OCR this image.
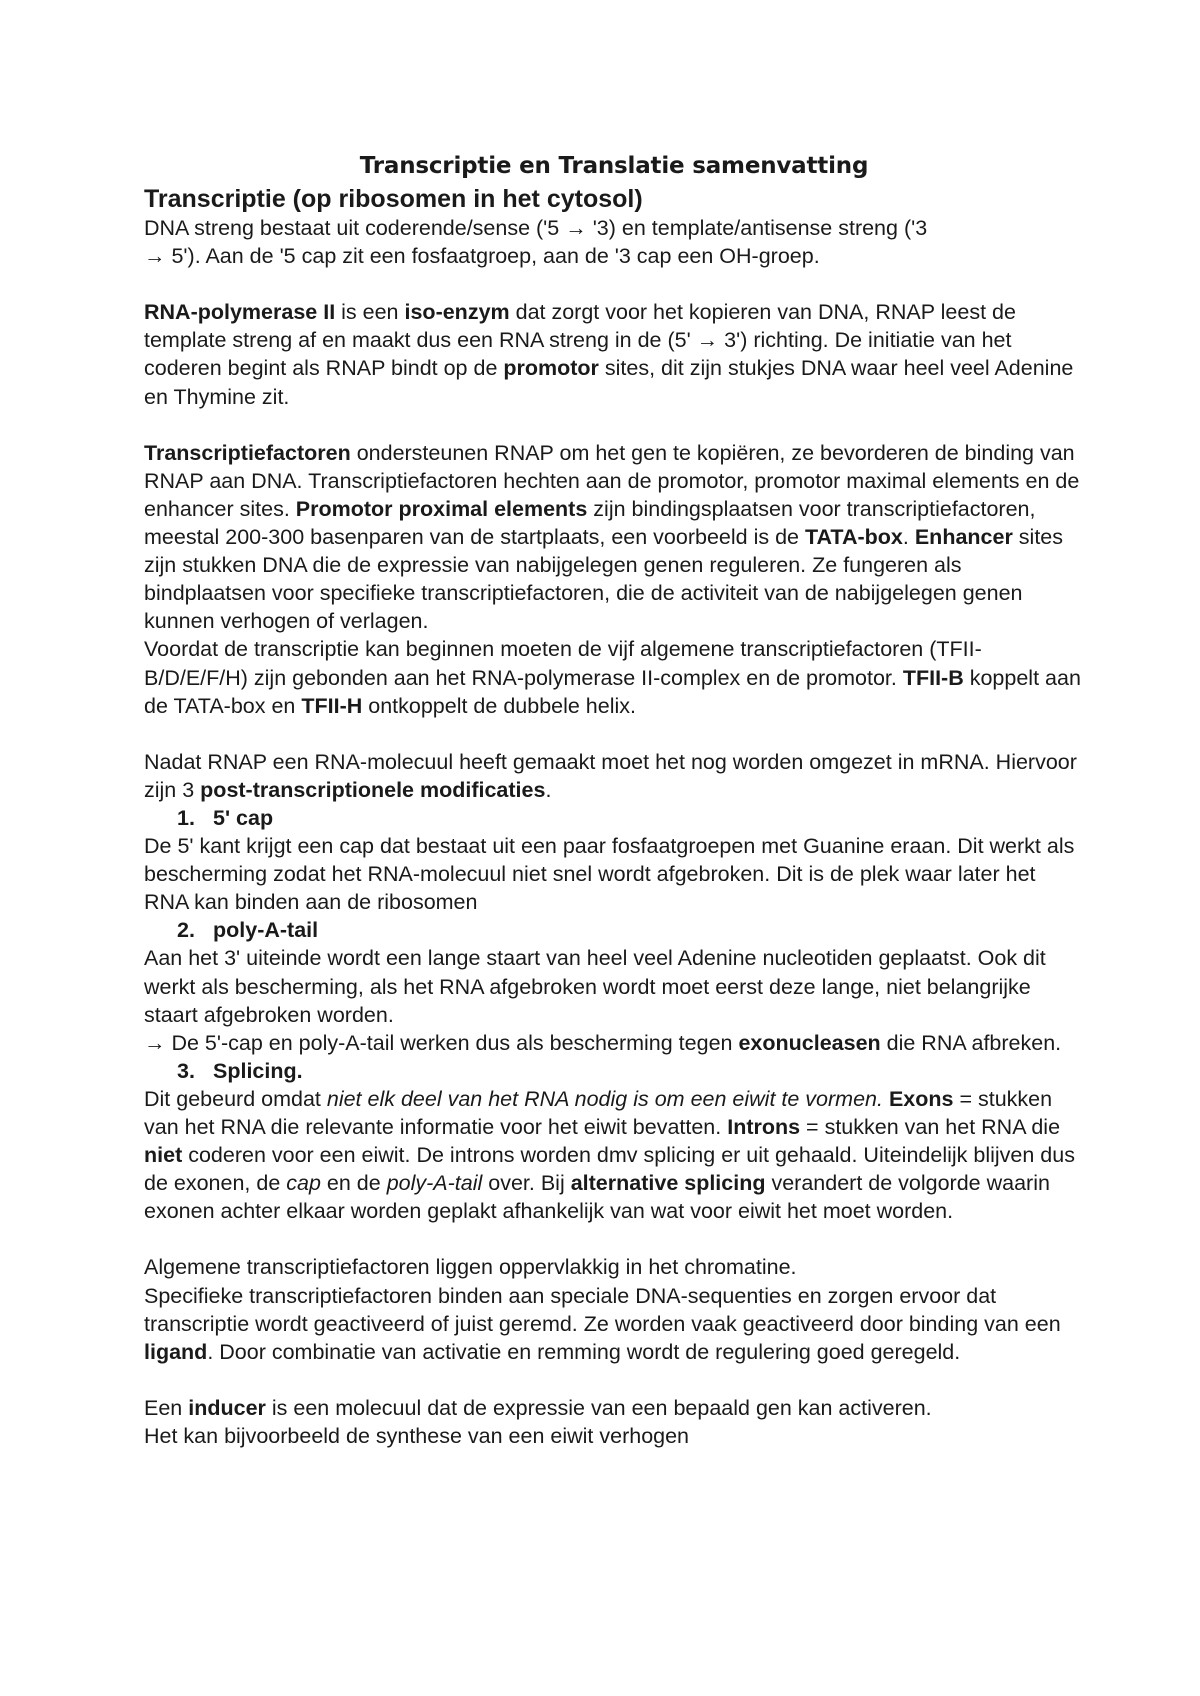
Transcriptie en Translatie samenvatting
Transcriptie (op ribosomen in het cytosol)

DNA streng bestaat uit coderende/sense ('5 → '3) en template/antisense streng ('3
→ 5'). Aan de '5 cap zit een fosfaatgroep, aan de '3 cap een OH-groep.

RNA-polymerase II is een iso-enzym dat zorgt voor het kopieren van DNA, RNAP leest de template streng af en maakt dus een RNA streng in de (5' → 3') richting. De initiatie van het coderen begint als RNAP bindt op de promotor sites, dit zijn stukjes DNA waar heel veel Adenine en Thymine zit.

Transcriptiefactoren ondersteunen RNAP om het gen te kopiëren, ze bevorderen de binding van RNAP aan DNA. Transcriptiefactoren hechten aan de promotor, promotor maximal elements en de enhancer sites. Promotor proximal elements zijn bindingsplaatsen voor transcriptiefactoren, meestal 200-300 basenparen van de startplaats, een voorbeeld is de TATA-box. Enhancer sites zijn stukken DNA die de expressie van nabijgelegen genen reguleren. Ze fungeren als bindplaatsen voor specifieke transcriptiefactoren, die de activiteit van de nabijgelegen genen kunnen verhogen of verlagen.

Voordat de transcriptie kan beginnen moeten de vijf algemene transcriptiefactoren (TFII-B/D/E/F/H) zijn gebonden aan het RNA-polymerase II-complex en de promotor. TFII-B koppelt aan de TATA-box en TFII-H ontkoppelt de dubbele helix.

Nadat RNAP een RNA-molecuul heeft gemaakt moet het nog worden omgezet in mRNA. Hiervoor zijn 3 post-transcriptionele modificaties.

1. 5' cap

De 5' kant krijgt een cap dat bestaat uit een paar fosfaatgroepen met Guanine eraan. Dit werkt als bescherming zodat het RNA-molecuul niet snel wordt afgebroken. Dit is de plek waar later het RNA kan binden aan de ribosomen

2. poly-A-tail

Aan het 3' uiteinde wordt een lange staart van heel veel Adenine nucleotiden geplaatst. Ook dit werkt als bescherming, als het RNA afgebroken wordt moet eerst deze lange, niet belangrijke staart afgebroken worden.

→ De 5'-cap en poly-A-tail werken dus als bescherming tegen exonucleasen die RNA afbreken.

3. Splicing.

Dit gebeurd omdat niet elk deel van het RNA nodig is om een eiwit te vormen. Exons = stukken van het RNA die relevante informatie voor het eiwit bevatten. Introns = stukken van het RNA die niet coderen voor een eiwit. De introns worden dmv splicing er uit gehaald. Uiteindelijk blijven dus de exonen, de cap en de poly-A-tail over. Bij alternative splicing verandert de volgorde waarin exonen achter elkaar worden geplakt afhankelijk van wat voor eiwit het moet worden.

Algemene transcriptiefactoren liggen oppervlakkig in het chromatine.

Specifieke transcriptiefactoren binden aan speciale DNA-sequenties en zorgen ervoor dat transcriptie wordt geactiveerd of juist geremd. Ze worden vaak geactiveerd door binding van een ligand. Door combinatie van activatie en remming wordt de regulering goed geregeld.

Een inducer is een molecuul dat de expressie van een bepaald gen kan activeren.

Het kan bijvoorbeeld de synthese van een eiwit verhogen
